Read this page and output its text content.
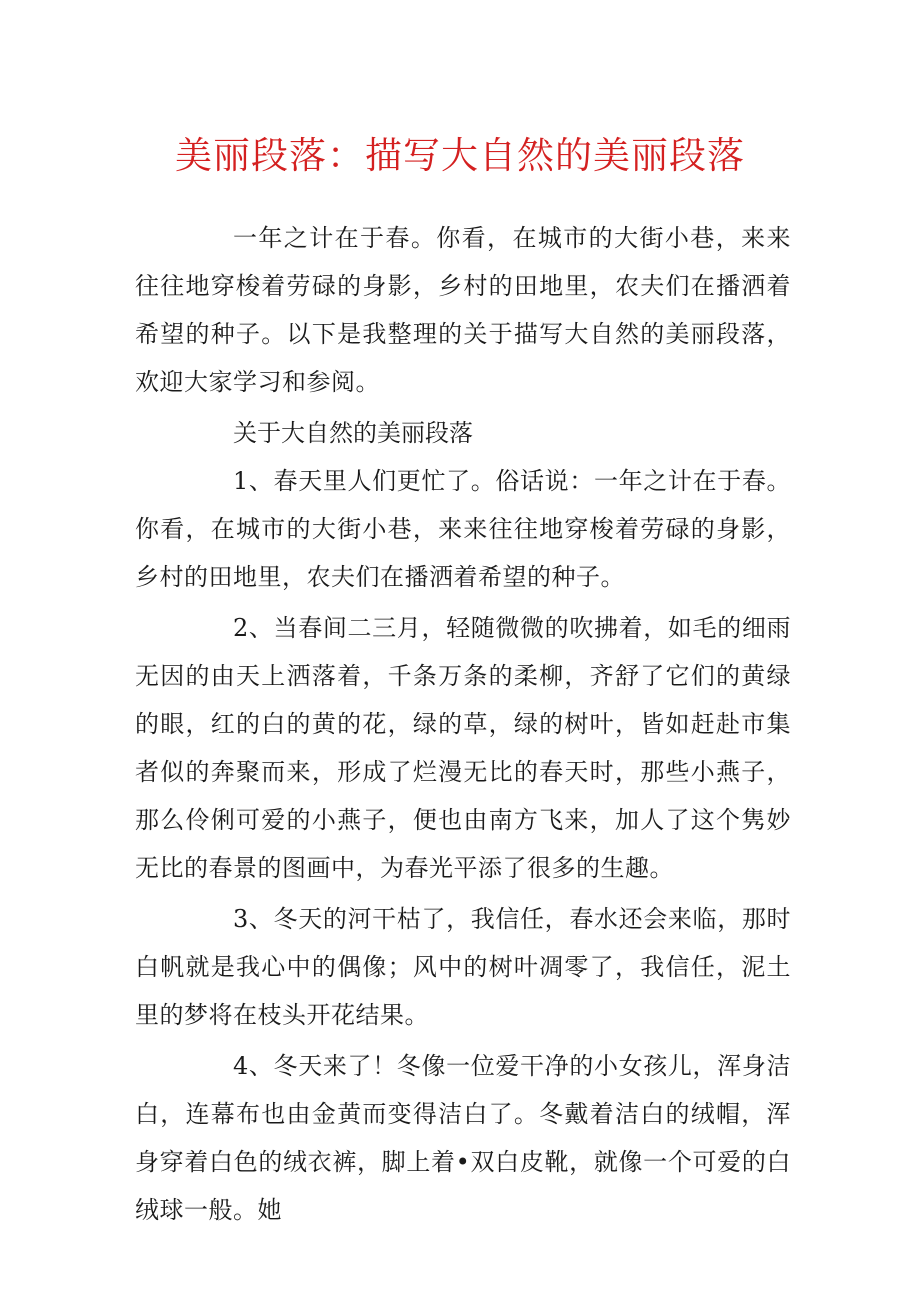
美丽段落：描写大自然的美丽段落

一年之计在于春。你看，在城市的大街小巷，来来往往地穿梭着劳碌的身影，乡村的田地里，农夫们在播洒着希望的种子。以下是我整理的关于描写大自然的美丽段落，欢迎大家学习和参阅。

关于大自然的美丽段落

1、春天里人们更忙了。俗话说：一年之计在于春。你看，在城市的大街小巷，来来往往地穿梭着劳碌的身影，乡村的田地里，农夫们在播洒着希望的种子。

2、当春间二三月，轻随微微的吹拂着，如毛的细雨无因的由天上洒落着，千条万条的柔柳，齐舒了它们的黄绿的眼，红的白的黄的花，绿的草，绿的树叶，皆如赶赴市集者似的奔聚而来，形成了烂漫无比的春天时，那些小燕子，那么伶俐可爱的小燕子，便也由南方飞来，加人了这个隽妙无比的春景的图画中，为春光平添了很多的生趣。

3、冬天的河干枯了，我信任，春水还会来临，那时白帆就是我心中的偶像；风中的树叶凋零了，我信任，泥土里的梦将在枝头开花结果。

4、冬天来了！冬像一位爱干净的小女孩儿，浑身洁白，连幕布也由金黄而变得洁白了。冬戴着洁白的绒帽，浑身穿着白色的绒衣裤，脚上着•双白皮靴，就像一个可爱的白绒球一般。她
